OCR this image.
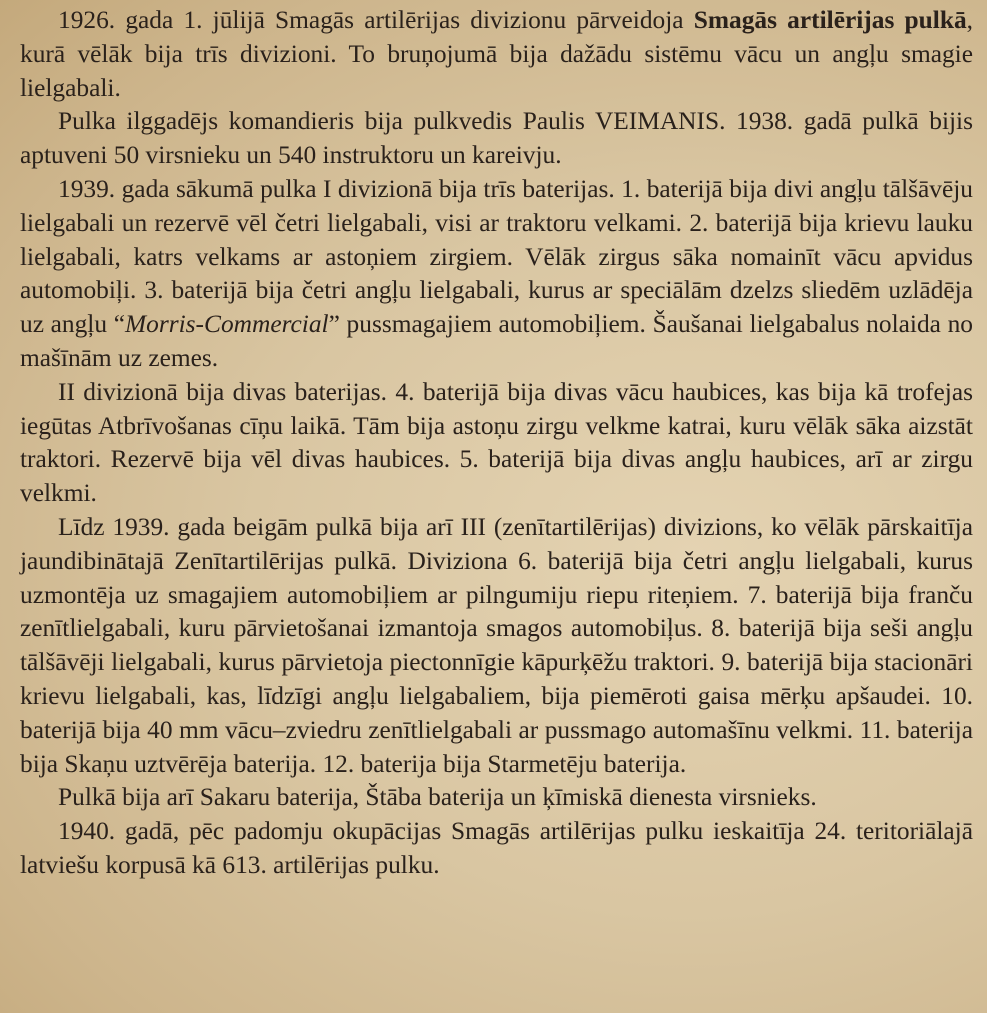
1926. gada 1. jūlijā Smagās artilērijas divizionu pārveidoja Smagās artilērijas pulkā, kurā vēlāk bija trīs divizioni. To bruņojumā bija dažādu sistēmu vācu un angļu smagie lielgabali.

Pulka ilggadējs komandieris bija pulkvedis Paulis VEIMANIS. 1938. gadā pulkā bijis aptuveni 50 virsnieku un 540 instruktoru un kareivju.

1939. gada sākumā pulka I divizionā bija trīs baterijas. 1. baterijā bija divi angļu tālšāvēju lielgabali un rezervē vēl četri lielgabali, visi ar traktoru velkami. 2. baterijā bija krievu lauku lielgabali, katrs velkams ar astoņiem zirgiem. Vēlāk zirgus sāka nomainīt vācu apvidus automobiļi. 3. baterijā bija četri angļu lielgabali, kurus ar speciālām dzelzs sliedēm uzlādēja uz angļu “Morris-Commercial” pussmagajiem automobiļiem. Šaušanai lielgabalus nolaida no mašīnām uz zemes.

II divizionā bija divas baterijas. 4. baterijā bija divas vācu haubices, kas bija kā trofejas iegūtas Atbrīvošanas cīņu laikā. Tām bija astoņu zirgu velkme katrai, kuru vēlāk sāka aizstāt traktori. Rezervē bija vēl divas haubices. 5. baterijā bija divas angļu haubices, arī ar zirgu velkmi.

Līdz 1939. gada beigām pulkā bija arī III (zenītartilērijas) divizions, ko vēlāk pārskaitīja jaundibinātajā Zenītartilērijas pulkā. Diviziona 6. baterijā bija četri angļu lielgabali, kurus uzmontēja uz smagajiem automobiļiem ar pilngumiju riepu riteņiem. 7. baterijā bija franču zenītlielgabali, kuru pārvietošanai izmantoja smagos automobiļus. 8. baterijā bija seši angļu tālšāvēji lielgabali, kurus pārvietoja piectonnīgie kāpurķēžu traktori. 9. baterijā bija stacionāri krievu lielgabali, kas, līdzīgi angļu lielgabaliem, bija piemēroti gaisa mērķu apšaudei. 10. baterijā bija 40 mm vācu–zviedru zenītlielgabali ar pussmago automašīnu velkmi. 11. baterija bija Skaņu uztvērēja baterija. 12. baterija bija Starmetēju baterija.

Pulkā bija arī Sakaru baterija, Štāba baterija un ķīmiskā dienesta virsnieks.

1940. gadā, pēc padomju okupācijas Smagās artilērijas pulku ieskaitīja 24. teritoriālajā latviešu korpusā kā 613. artilērijas pulku.
